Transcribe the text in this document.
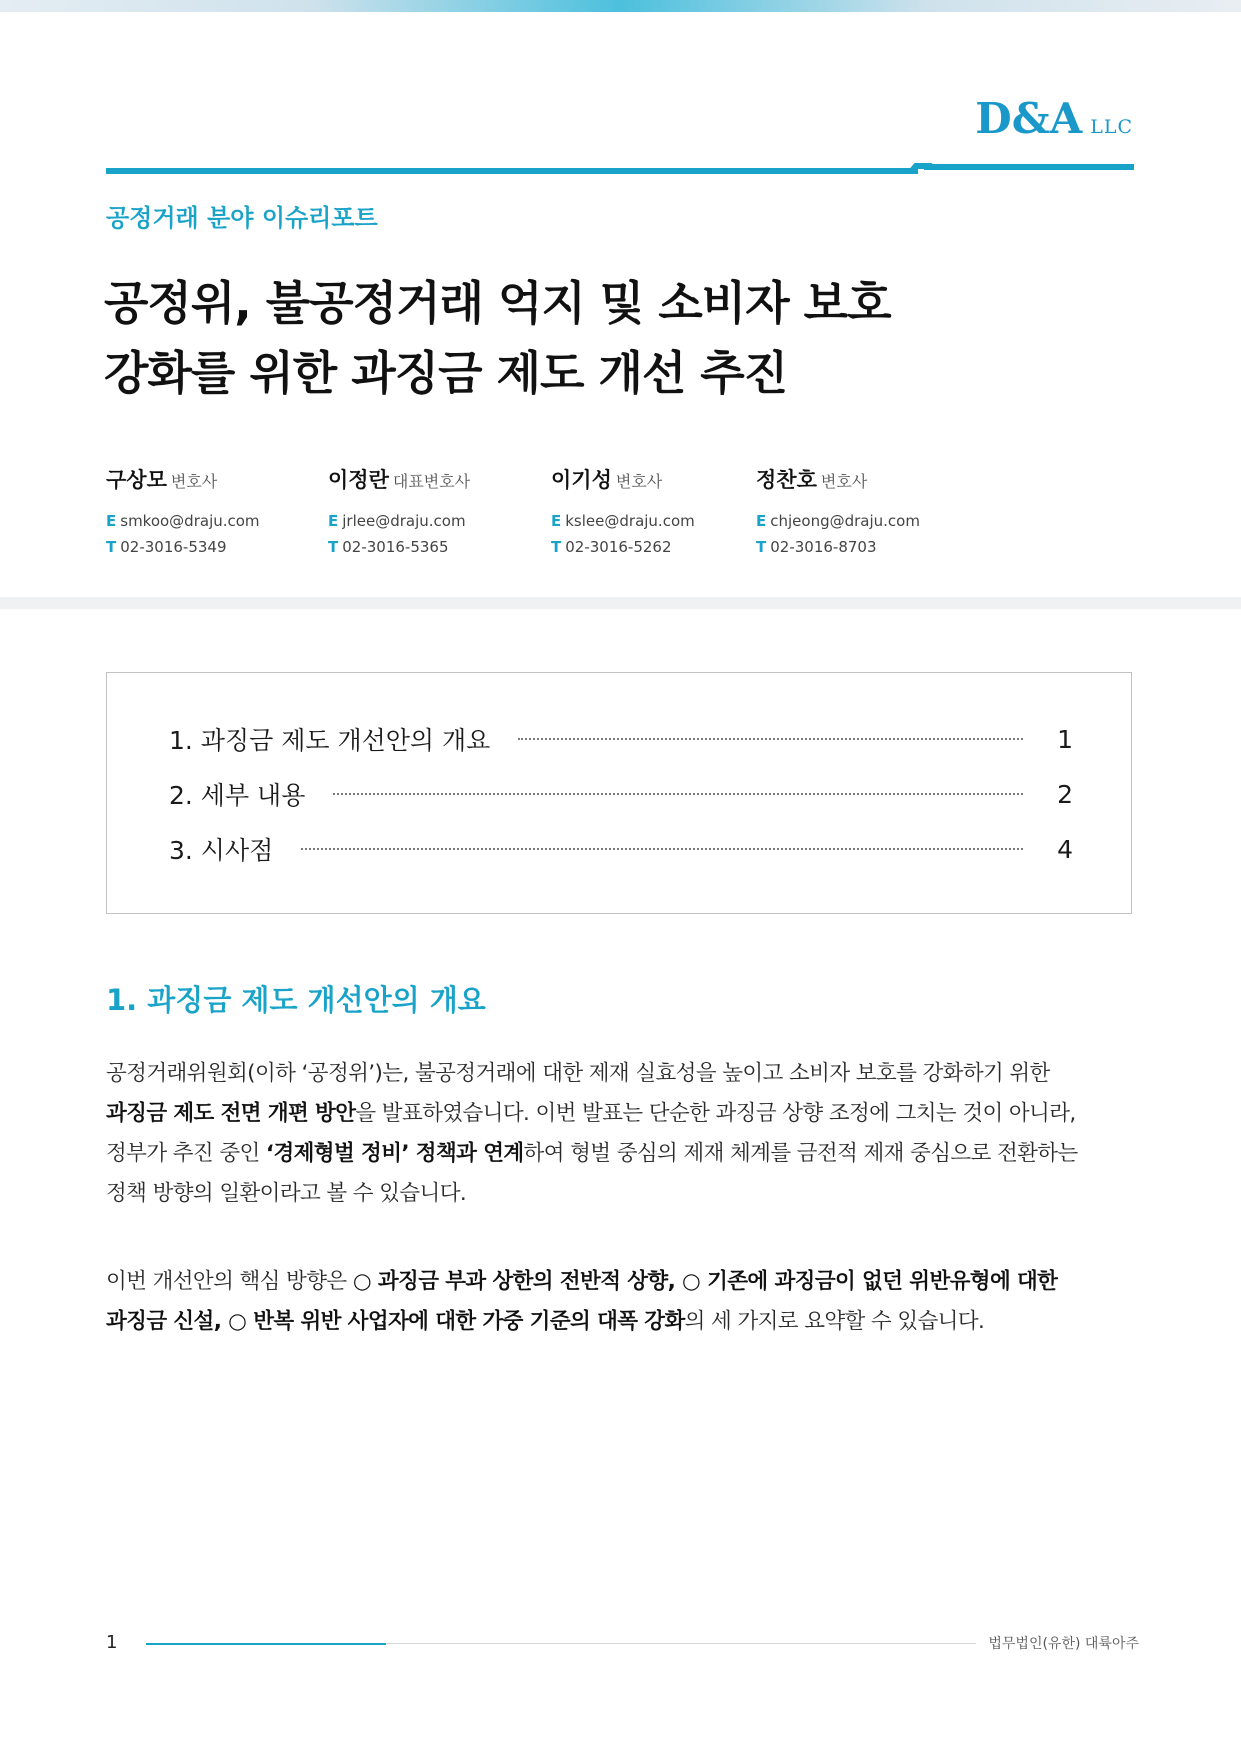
D&A LLC
공정거래 분야 이슈리포트
공정위, 불공정거래 억지 및 소비자 보호
강화를 위한 과징금 제도 개선 추진
구상모 변호사
E smkoo@draju.com
T 02-3016-5349
이정란 대표변호사
E jrlee@draju.com
T 02-3016-5365
이기성 변호사
E kslee@draju.com
T 02-3016-5262
정찬호 변호사
E chjeong@draju.com
T 02-3016-8703
1. 과징금 제도 개선안의 개요	1
2. 세부 내용	2
3. 시사점	4
1. 과징금 제도 개선안의 개요
공정거래위원회(이하 ‘공정위’)는, 불공정거래에 대한 제재 실효성을 높이고 소비자 보호를 강화하기 위한
과징금 제도 전면 개편 방안을 발표하였습니다. 이번 발표는 단순한 과징금 상향 조정에 그치는 것이 아니라,
정부가 추진 중인 ‘경제형벌 정비’ 정책과 연계하여 형벌 중심의 제재 체계를 금전적 제재 중심으로 전환하는
정책 방향의 일환이라고 볼 수 있습니다.
이번 개선안의 핵심 방향은 ○ 과징금 부과 상한의 전반적 상향, ○ 기존에 과징금이 없던 위반유형에 대한
과징금 신설, ○ 반복 위반 사업자에 대한 가중 기준의 대폭 강화의 세 가지로 요약할 수 있습니다.
1	법무법인(유한) 대륙아주
